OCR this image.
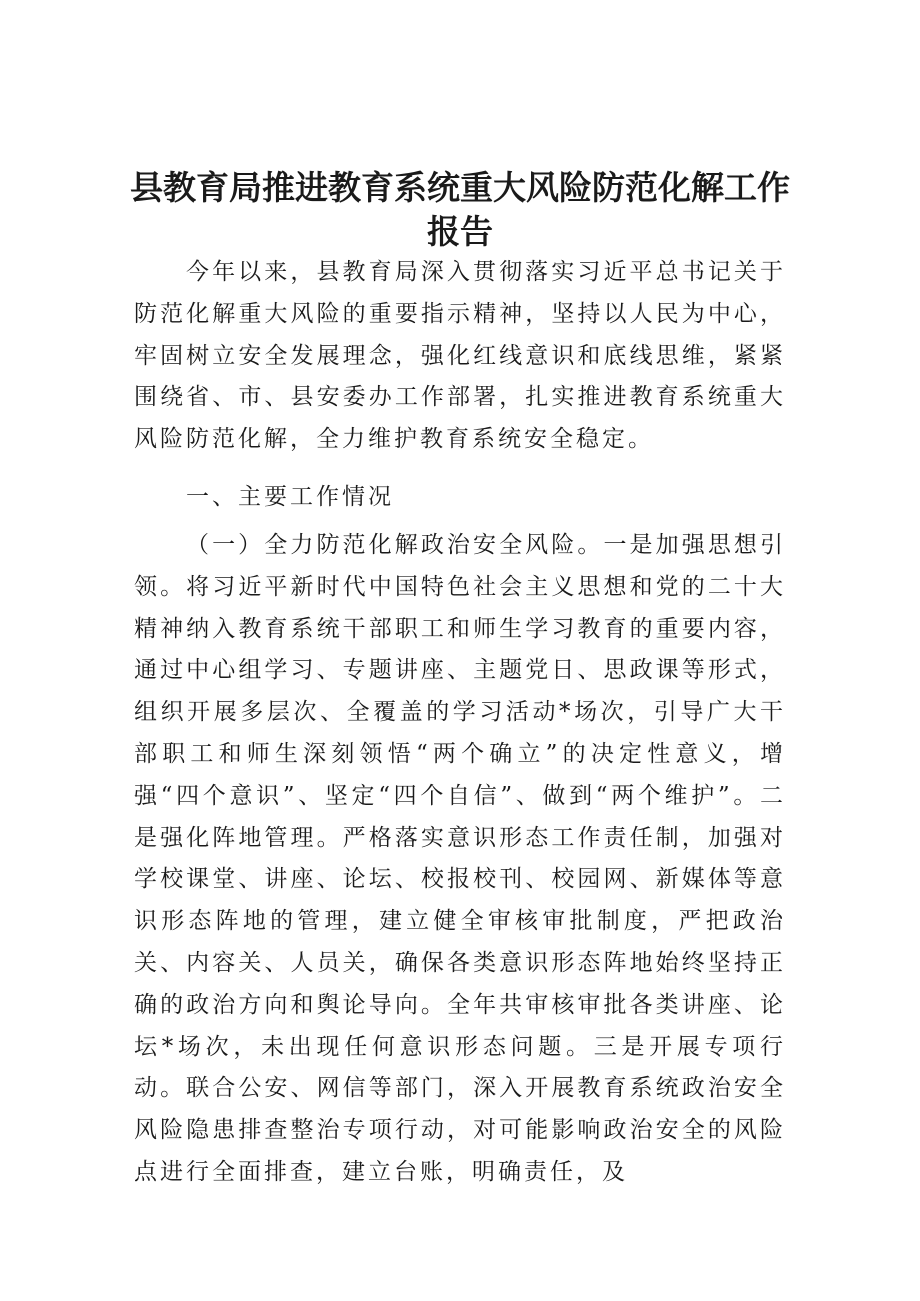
县教育局推进教育系统重大风险防范化解工作
报告

今年以来，县教育局深入贯彻落实习近平总书记关于防范化解重大风险的重要指示精神，坚持以人民为中心，牢固树立安全发展理念，强化红线意识和底线思维，紧紧围绕省、市、县安委办工作部署，扎实推进教育系统重大风险防范化解，全力维护教育系统安全稳定。

一、主要工作情况

（一）全力防范化解政治安全风险。一是加强思想引领。将习近平新时代中国特色社会主义思想和党的二十大精神纳入教育系统干部职工和师生学习教育的重要内容，通过中心组学习、专题讲座、主题党日、思政课等形式，组织开展多层次、全覆盖的学习活动*场次，引导广大干部职工和师生深刻领悟“两个确立”的决定性意义，增强“四个意识”、坚定“四个自信”、做到“两个维护”。二是强化阵地管理。严格落实意识形态工作责任制，加强对学校课堂、讲座、论坛、校报校刊、校园网、新媒体等意识形态阵地的管理，建立健全审核审批制度，严把政治关、内容关、人员关，确保各类意识形态阵地始终坚持正确的政治方向和舆论导向。全年共审核审批各类讲座、论坛*场次，未出现任何意识形态问题。三是开展专项行动。联合公安、网信等部门，深入开展教育系统政治安全风险隐患排查整治专项行动，对可能影响政治安全的风险点进行全面排查，建立台账，明确责任，及
